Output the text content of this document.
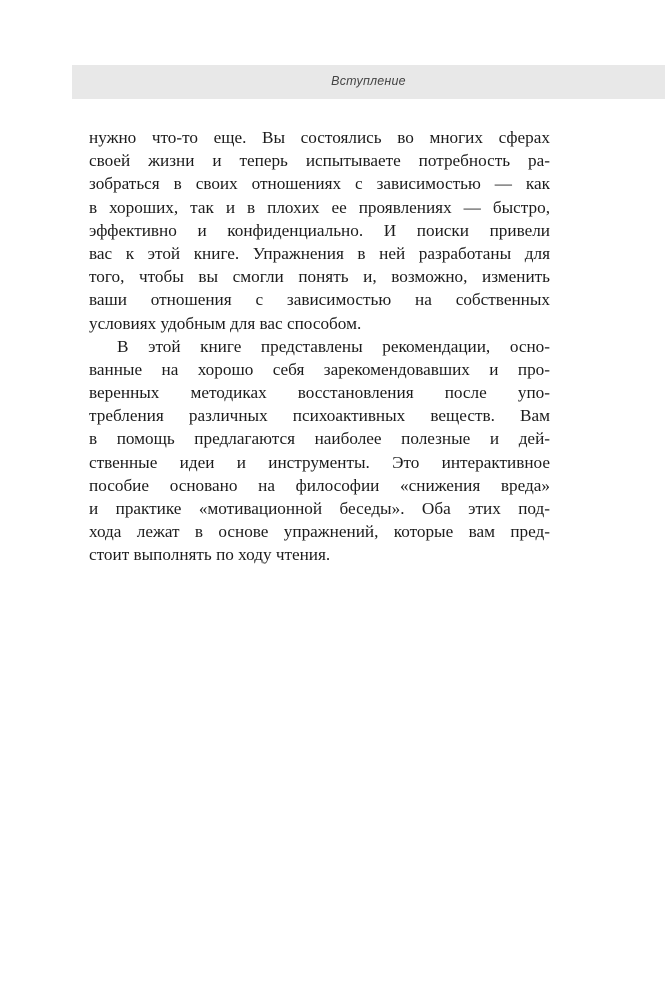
Вступление
нужно что-то еще. Вы состоялись во многих сферах
своей жизни и теперь испытываете потребность ра-
зобраться в своих отношениях с зависимостью — как
в хороших, так и в плохих ее проявлениях — быстро,
эффективно и конфиденциально. И поиски привели
вас к этой книге. Упражнения в ней разработаны для
того, чтобы вы смогли понять и, возможно, изменить
ваши отношения с зависимостью на собственных
условиях удобным для вас способом.
В этой книге представлены рекомендации, осно-
ванные на хорошо себя зарекомендовавших и про-
веренных методиках восстановления после упо-
требления различных психоактивных веществ. Вам
в помощь предлагаются наиболее полезные и дей-
ственные идеи и инструменты. Это интерактивное
пособие основано на философии «снижения вреда»
и практике «мотивационной беседы». Оба этих под-
хода лежат в основе упражнений, которые вам пред-
стоит выполнять по ходу чтения.
